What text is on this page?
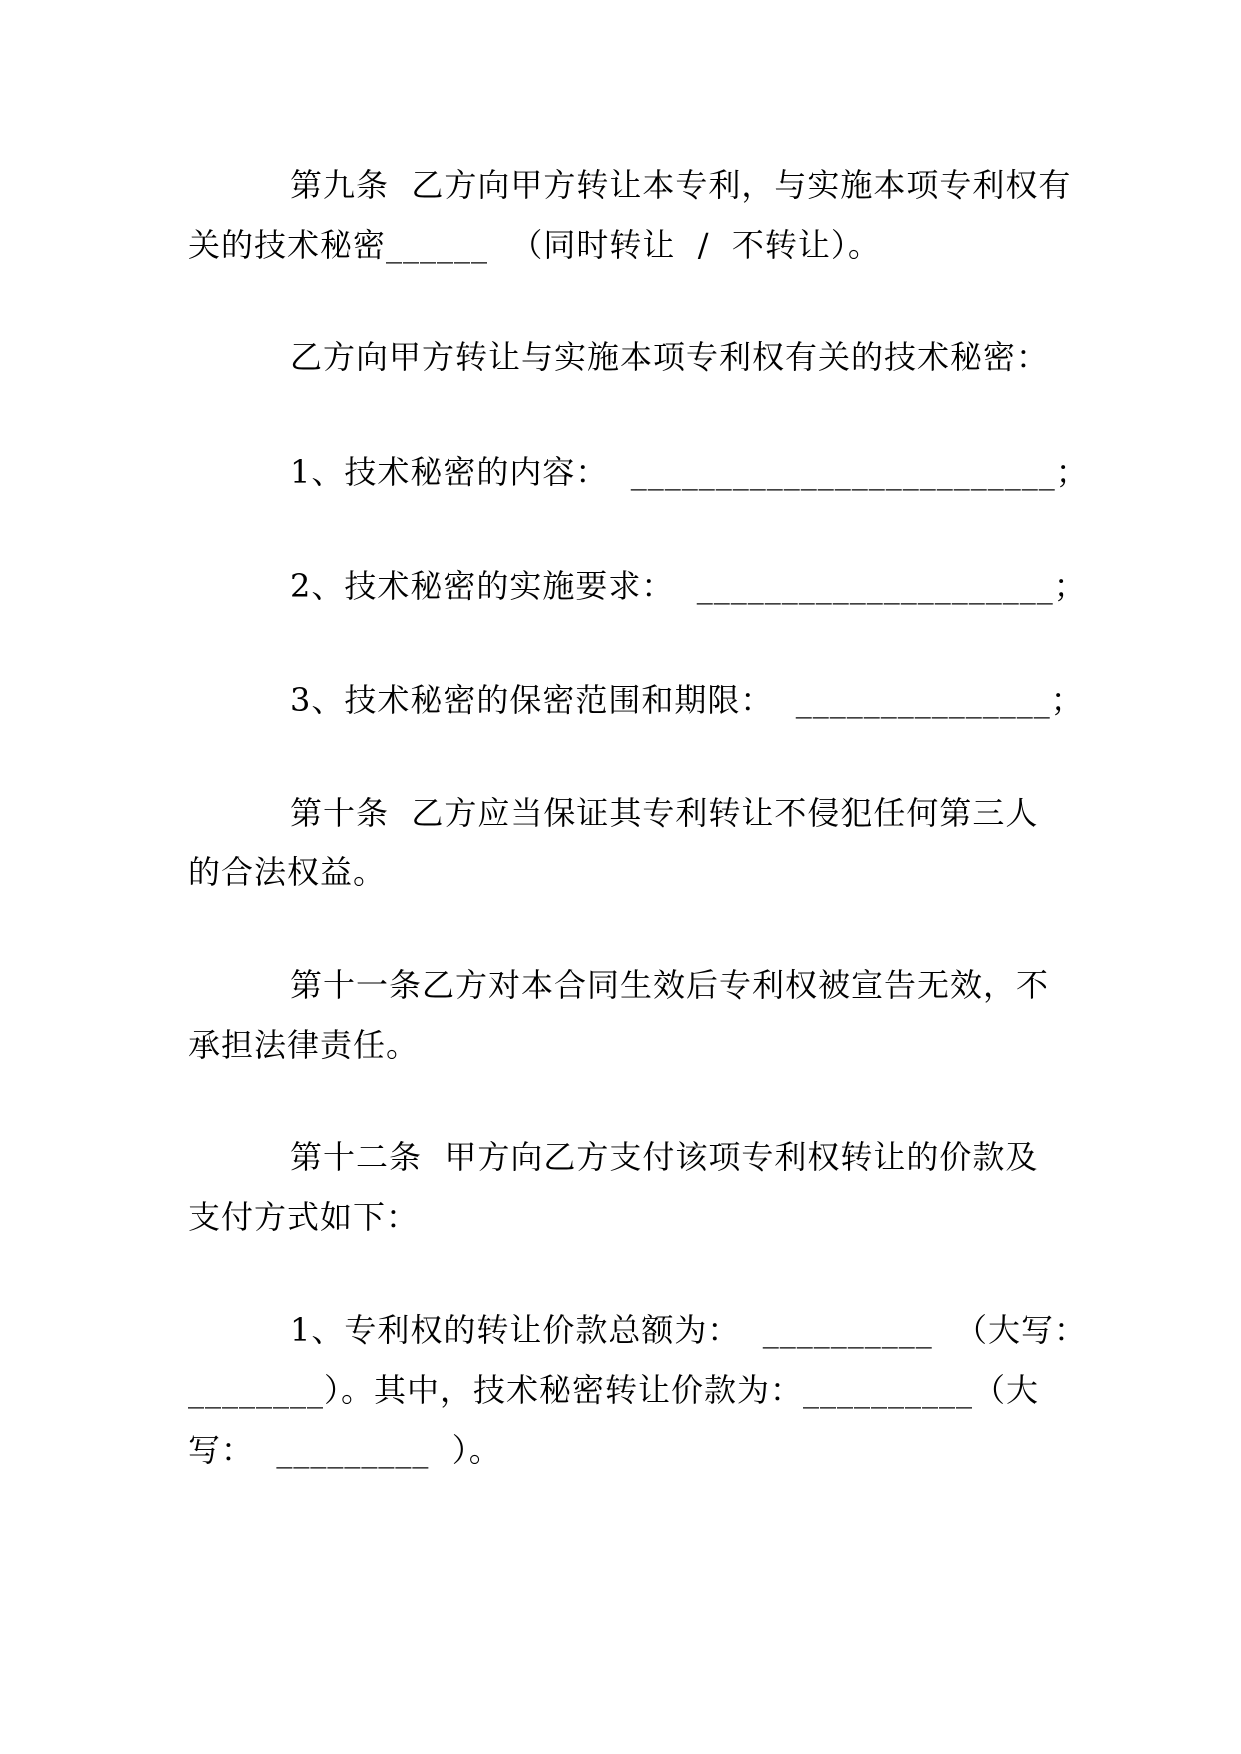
第九条  乙方向甲方转让本专利，与实施本项专利权有
关的技术秘密______  （同时转让  /  不转让）。
乙方向甲方转让与实施本项专利权有关的技术秘密：
1、技术秘密的内容：  _________________________；
2、技术秘密的实施要求：  _____________________；
3、技术秘密的保密范围和期限：  _______________；
第十条  乙方应当保证其专利转让不侵犯任何第三人
的合法权益。
第十一条乙方对本合同生效后专利权被宣告无效，不
承担法律责任。
第十二条  甲方向乙方支付该项专利权转让的价款及
支付方式如下：
1、专利权的转让价款总额为：  __________  （大写：
________）。其中，技术秘密转让价款为：__________（大
写：  _________  ）。
